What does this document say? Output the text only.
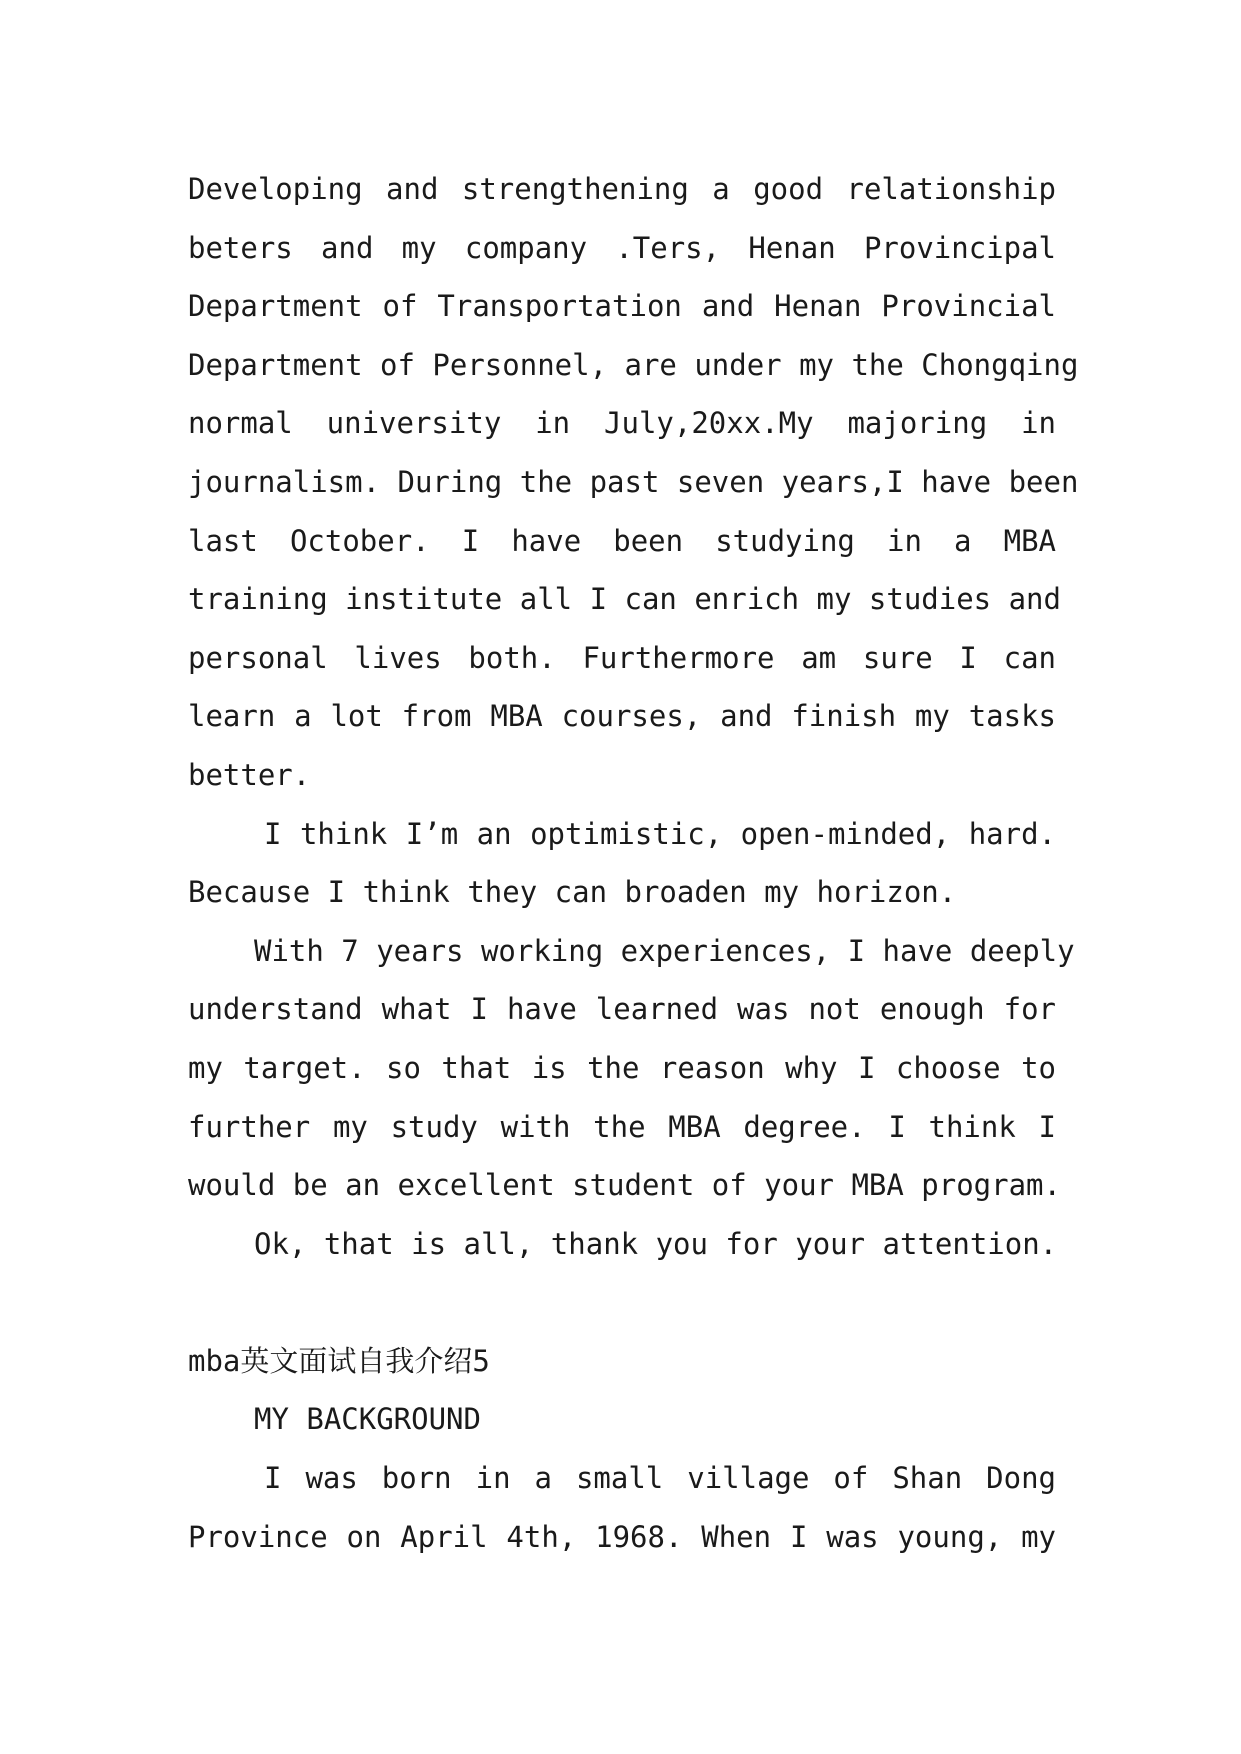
Developing and strengthening a good relationship
beters and my company .Ters, Henan Provincipal
Department of Transportation and Henan Provincial
Department of Personnel, are under my the Chongqing
normal university in July,20xx.My majoring in
journalism. During the past seven years,I have been
last October. I have been studying in a MBA
training institute all I can enrich my studies and
personal lives both. Furthermore am sure I can
learn a lot from MBA courses, and finish my tasks
better.
I think I’m an optimistic, open-minded, hard.
Because I think they can broaden my horizon.
With 7 years working experiences, I have deeply
understand what I have learned was not enough for
my target. so that is the reason why I choose to
further my study with the MBA degree. I think I
would be an excellent student of your MBA program.
Ok, that is all, thank you for your attention.
mba英文面试自我介绍5
MY BACKGROUND
I was born in a small village of Shan Dong
Province on April 4th, 1968. When I was young, my
